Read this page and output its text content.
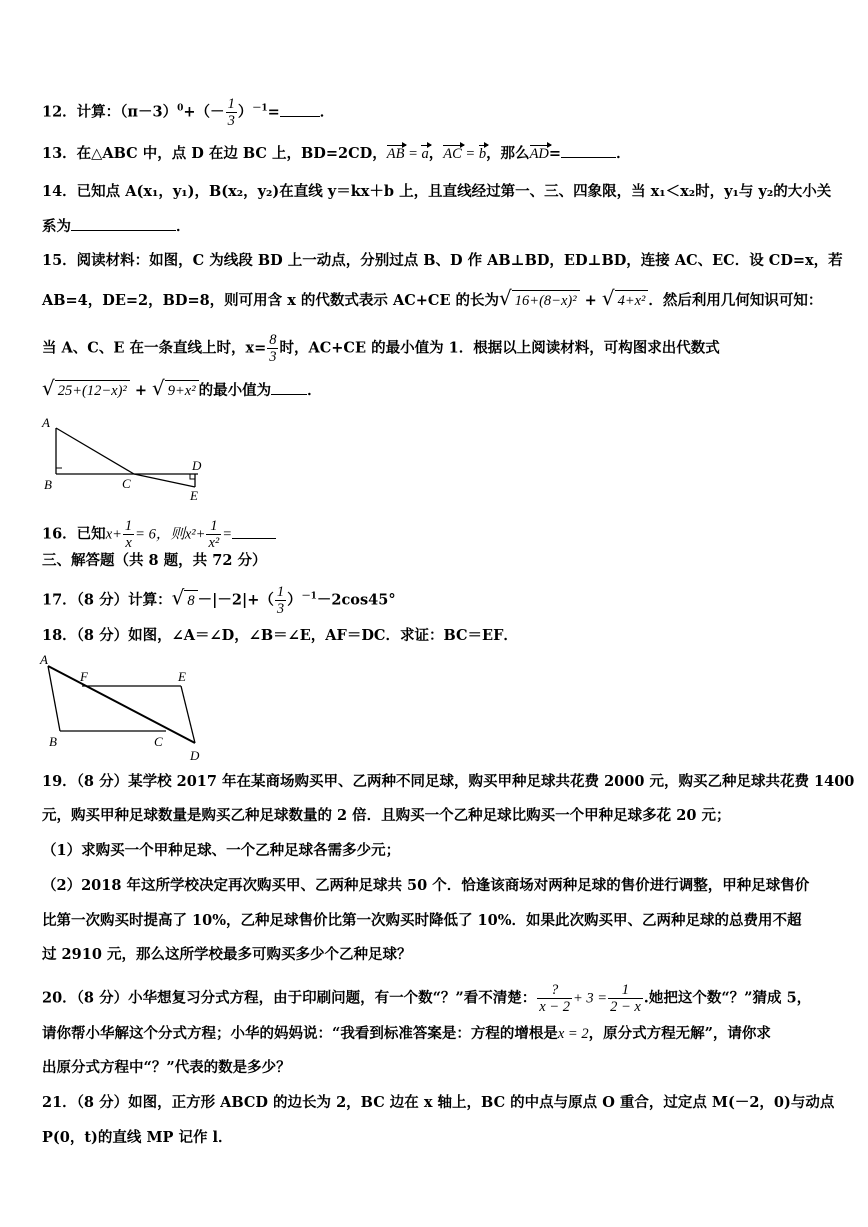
12．计算：$(\pi-3)^0+(- \frac{1}{3} )^{-1}=$	．
13．在△ABC 中，点 D 在边 BC 上，BD=2CD，AB = a，AC = b，那么AD=	．
14．已知点 A(x₁，y₁)，B(x₂，y₂)在直线 y＝kx＋b 上，且直线经过第一、三、四象限，当 x₁＜x₂时，y₁与 y₂的大小关
系为	．
15．阅读材料：如图，C 为线段 BD 上一动点，分别过点 B、D 作 AB⊥BD，ED⊥BD，连接 AC、EC．设 CD=x，若
AB=4，DE=2，BD=8，则可用含 x 的代数式表示 AC+CE 的长为√ 16+(8−x)² + √ 4+x² ．然后利用几何知识可知：
当 A、C、E 在一条直线上时，$x= \frac{8}{3}$ 时，AC+CE 的最小值为 1．根据以上阅读材料，可构图求出代数式
√ 25+(12−x)² + √ 9+x² 的最小值为 ．
A
B	C
D
E
16．已知$x+ \frac{1}{x} = 6$，则$x^2+ \frac{1}{\text{x²}}$ =
三、解答题（共 8 题，共 72 分）
17．（8 分）计算：√ $8 -|-2|+( \frac{1}{3} )^{-1}-2\cos 45^\circ$
18．（8 分）如图，∠A＝∠D，∠B＝∠E，AF＝DC．求证：BC＝EF．
A
F	E
B	C
D
19．（8 分）某学校 2017 年在某商场购买甲、乙两种不同足球，购买甲种足球共花费 2000 元，购买乙种足球共花费 1400
元，购买甲种足球数量是购买乙种足球数量的 2 倍．且购买一个乙种足球比购买一个甲种足球多花 20 元；
（1）求购买一个甲种足球、一个乙种足球各需多少元；
（2）2018 年这所学校决定再次购买甲、乙两种足球共 50 个．恰逢该商场对两种足球的售价进行调整，甲种足球售价
比第一次购买时提高了 10%，乙种足球售价比第一次购买时降低了 10%．如果此次购买甲、乙两种足球的总费用不超
过 2910 元，那么这所学校最多可购买多少个乙种足球？
20．（8 分）小华想复习分式方程，由于印刷问题，有一个数“？”看不清楚： $\frac{?}{x - 2} + 3 = \frac{1}{2 - x}$ .她把这个数“？”猜成 5，
请你帮小华解这个分式方程；小华的妈妈说：“我看到标准答案是：方程的增根是x = 2，原分式方程无解”，请你求
出原分式方程中“？”代表的数是多少？
21．（8 分）如图，正方形 ABCD 的边长为 2，BC 边在 x 轴上，BC 的中点与原点 O 重合，过定点 M(－2，0)与动点
P(0，t)的直线 MP 记作 l．
